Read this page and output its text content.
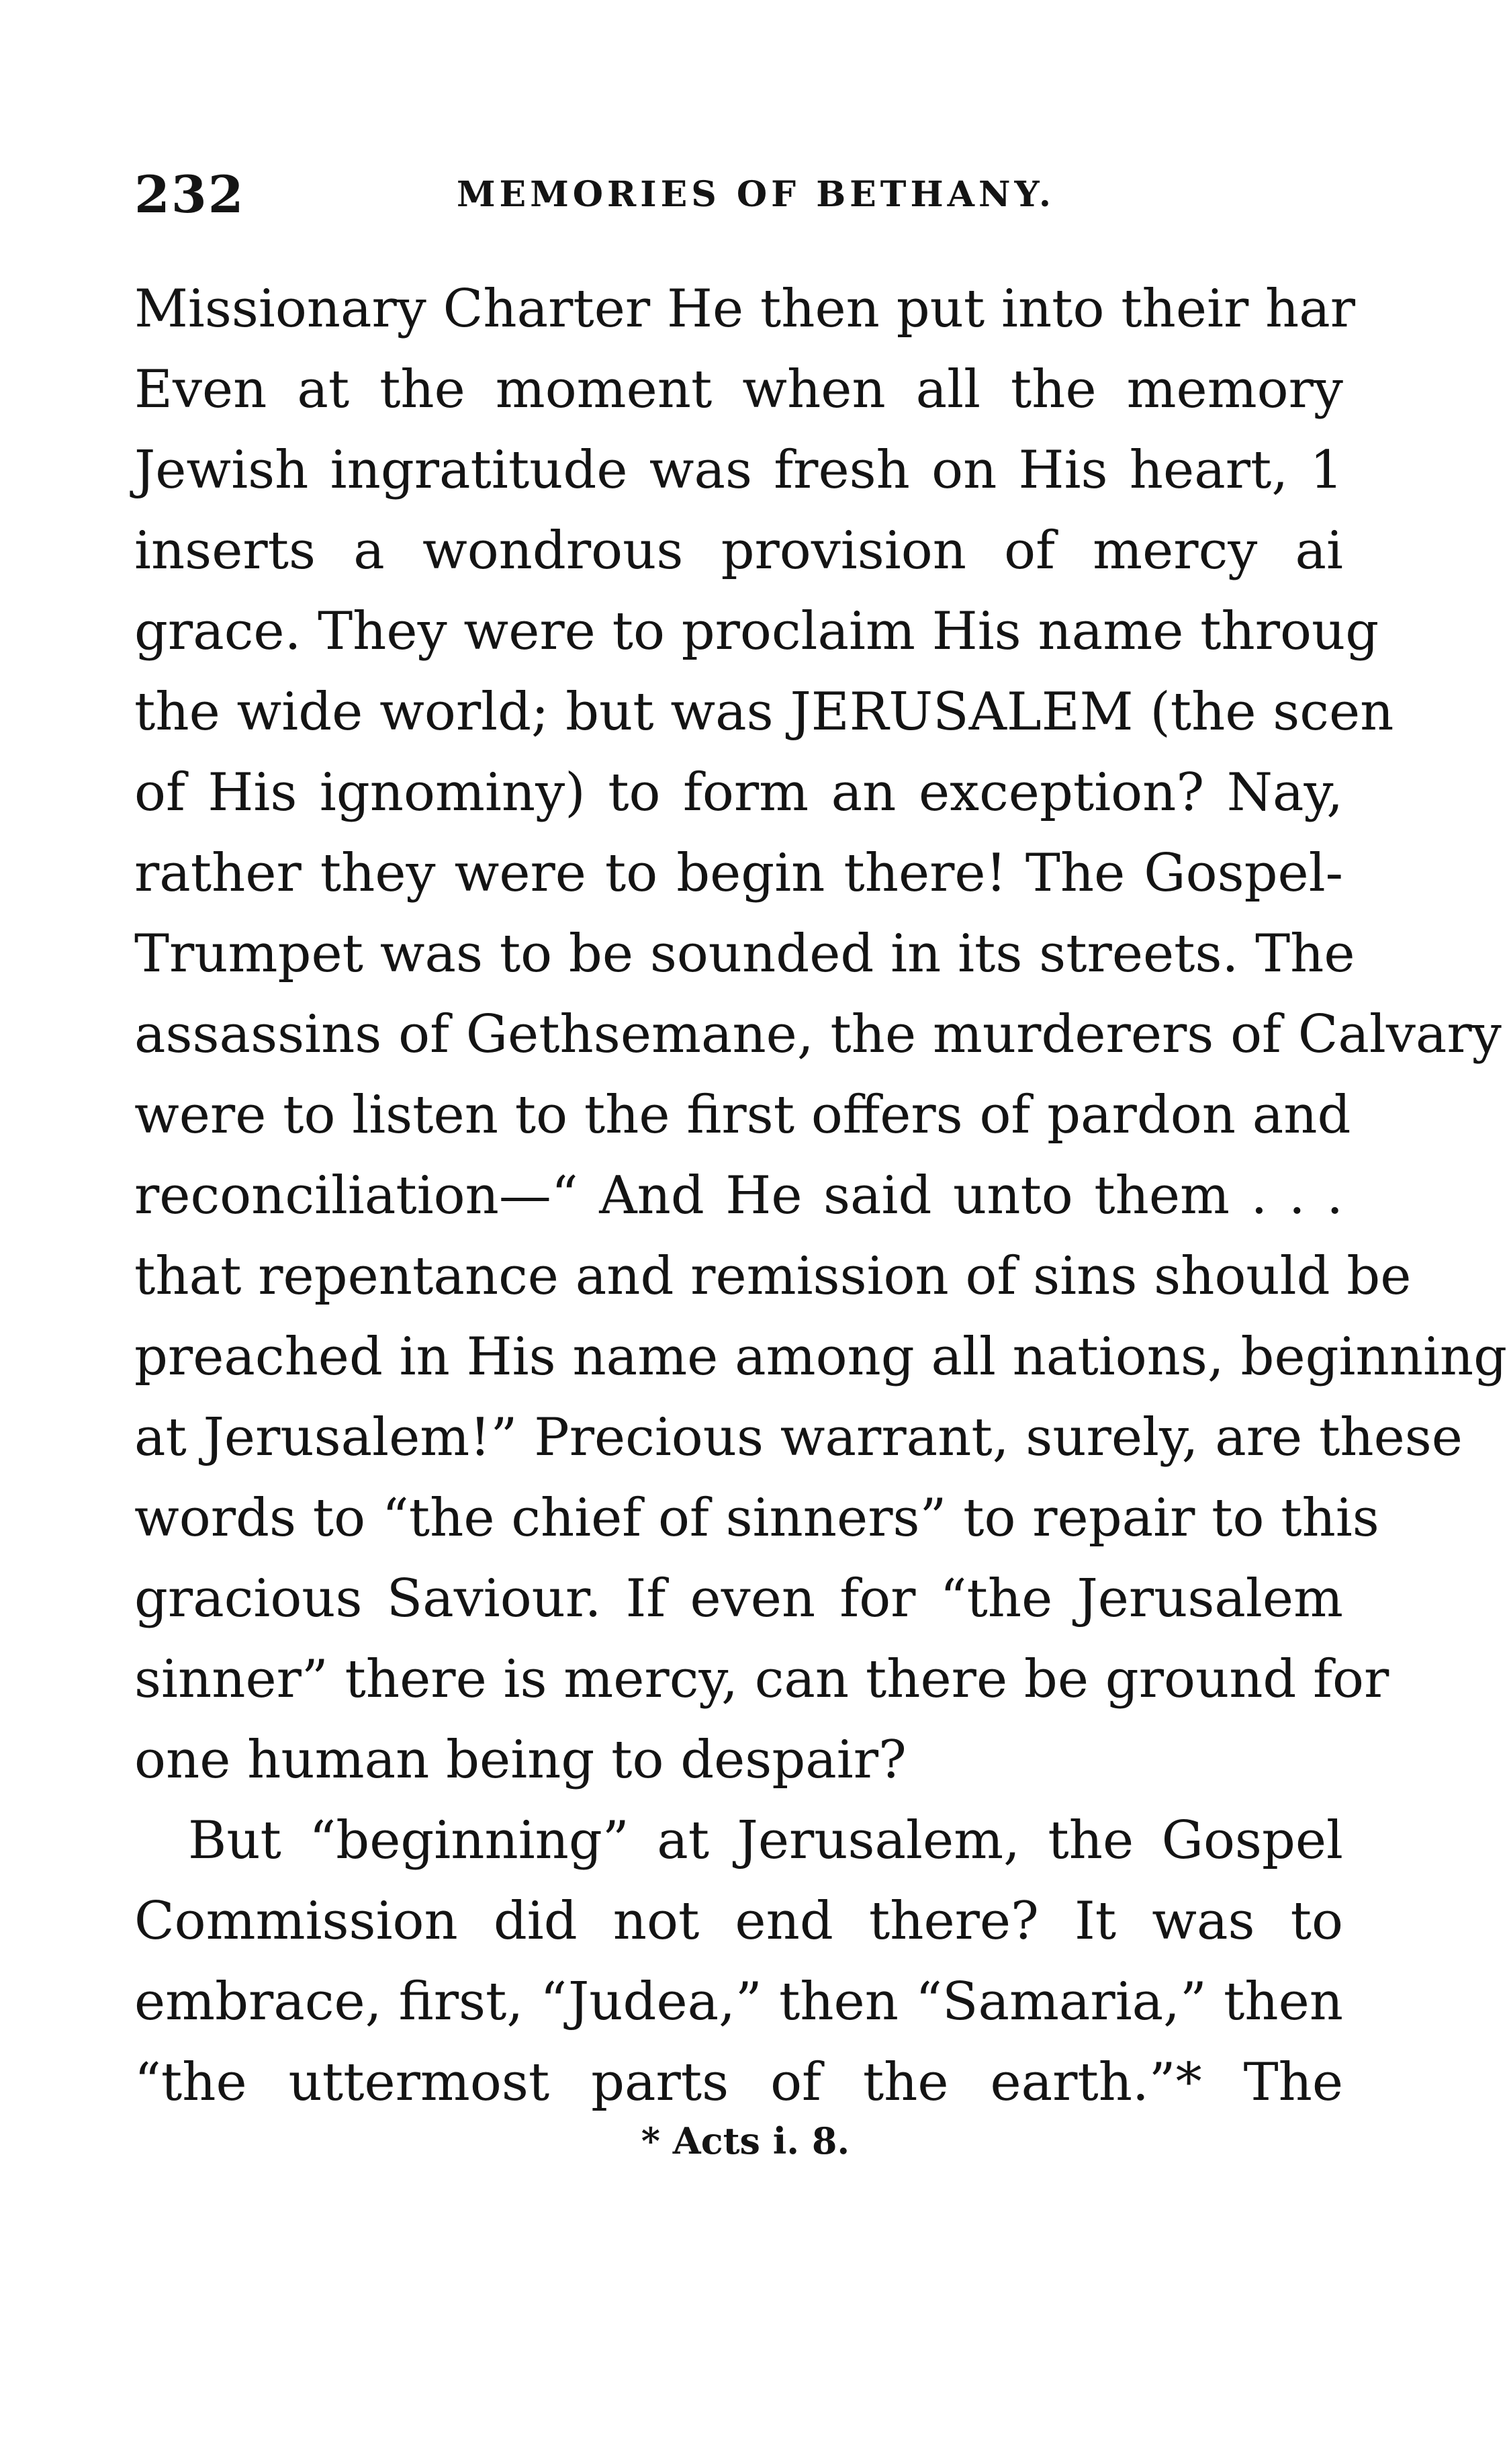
232	MEMORIES OF BETHANY.
Missionary Charter He then put into their har
Even at the moment when all the memory
Jewish ingratitude was fresh on His heart, 1
inserts a wondrous provision of mercy ai
grace. They were to proclaim His name throug
the wide world; but was JERUSALEM (the scen
of His ignominy) to form an exception? Nay,
rather they were to begin there! The Gospel-
Trumpet was to be sounded in its streets. The
assassins of Gethsemane, the murderers of Calvary
were to listen to the first offers of pardon and
reconciliation—“ And He said unto them . . .
that repentance and remission of sins should be
preached in His name among all nations, beginning
at Jerusalem!” Precious warrant, surely, are these
words to “the chief of sinners” to repair to this
gracious Saviour. If even for “the Jerusalem
sinner” there is mercy, can there be ground for
one human being to despair?
But “beginning” at Jerusalem, the Gospel
Commission did not end there? It was to
embrace, first, “Judea,” then “Samaria,” then
“the uttermost parts of the earth.”* The
* Acts i. 8.
